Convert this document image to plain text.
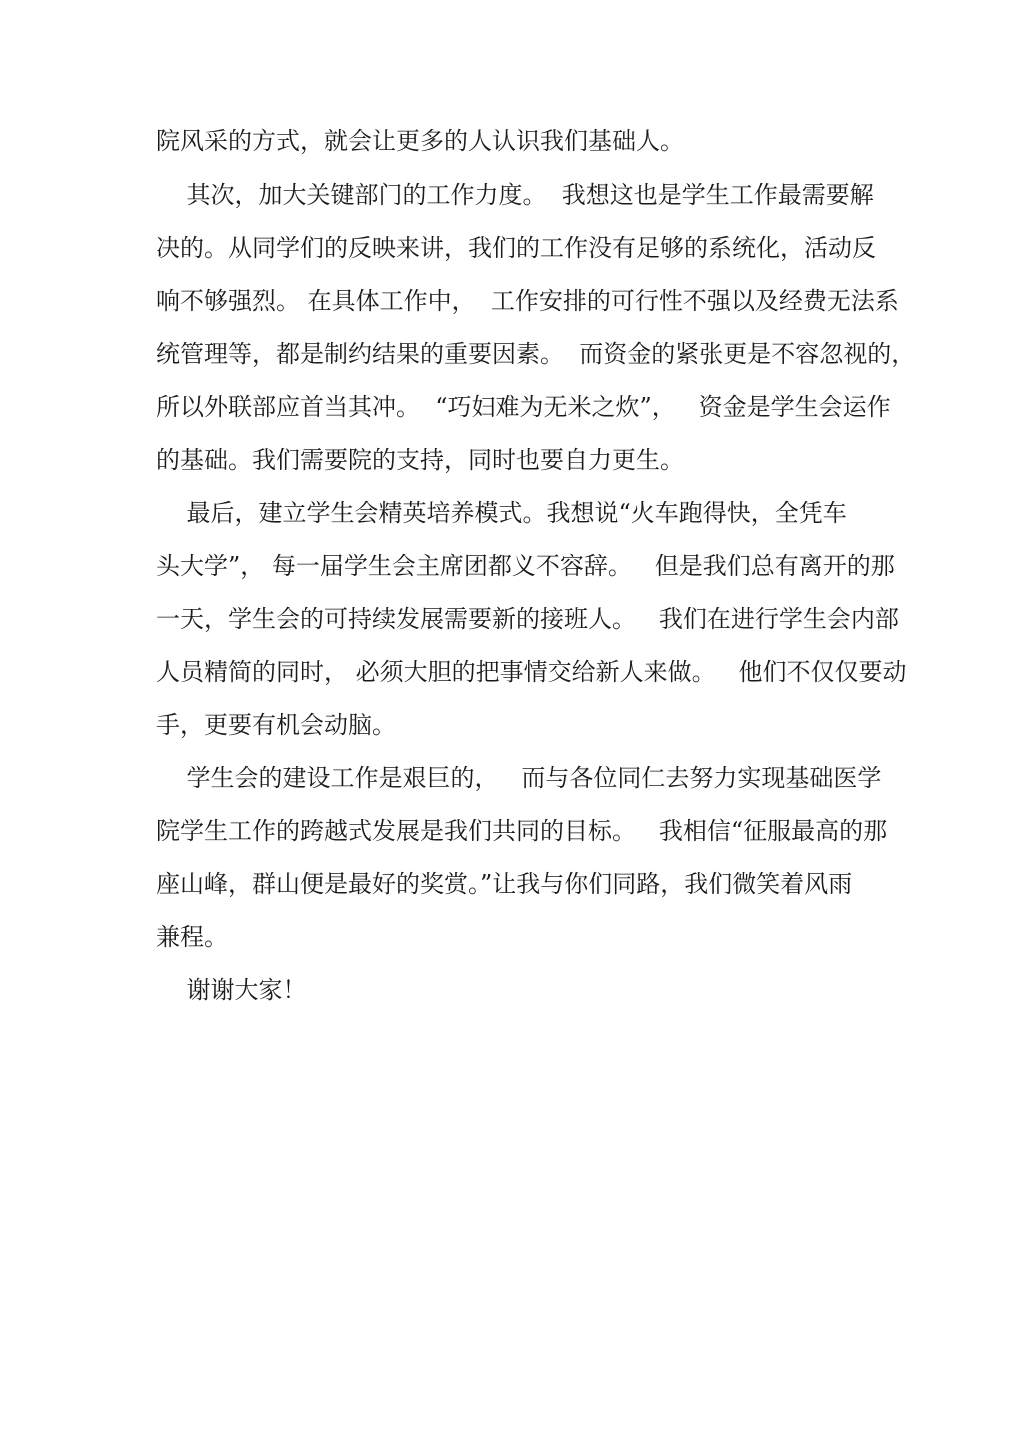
院风采的方式，就会让更多的人认识我们基础人。
其次，加大关键部门的工作力度。  我想这也是学生工作最需要解
决的。从同学们的反映来讲，我们的工作没有足够的系统化，活动反
响不够强烈。 在具体工作中，  工作安排的可行性不强以及经费无法系
统管理等，都是制约结果的重要因素。  而资金的紧张更是不容忽视的，
所以外联部应首当其冲。  “巧妇难为无米之炊”，   资金是学生会运作
的基础。我们需要院的支持，同时也要自力更生。
最后，建立学生会精英培养模式。我想说“火车跑得快，全凭车
头大学”， 每一届学生会主席团都义不容辞。   但是我们总有离开的那
一天，学生会的可持续发展需要新的接班人。   我们在进行学生会内部
人员精简的同时， 必须大胆的把事情交给新人来做。   他们不仅仅要动
手，更要有机会动脑。
学生会的建设工作是艰巨的，   而与各位同仁去努力实现基础医学
院学生工作的跨越式发展是我们共同的目标。   我相信“征服最高的那
座山峰，群山便是最好的奖赏。”让我与你们同路，我们微笑着风雨
兼程。
谢谢大家！
